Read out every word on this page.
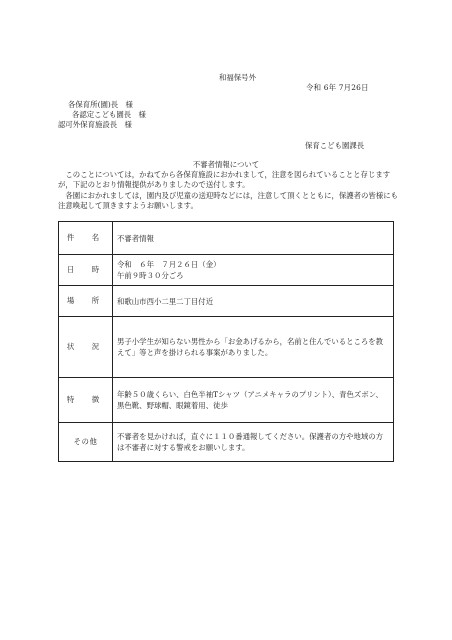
和福保号外
令和 6年 7月26日
各保育所(園)長　様
各認定こども園長　様
認可外保育施設長　様
保育こども園課長
不審者情報について
　このことについては，かねてから各保育施設におかれまして，注意を図られていることと存じますが，下記のとおり情報提供がありましたので送付します。
　各園におかれましては，園内及び児童の送迎時などには，注意して頂くとともに，保護者の皆様にも注意喚起して頂きますようお願いします。
件　名	不審者情報

日　時	令和　６年　７月２６日（金）
午前９時３０分ごろ

場　所	和歌山市西小二里二丁目付近

状　況	男子小学生が知らない男性から「お金あげるから，名前と住んでいるところを教えて」等と声を掛けられる事案がありました。

特　徴	年齢５０歳くらい、白色半袖Tシャツ（アニメキャラのプリント）、青色ズボン、黒色靴、野球帽、眼鏡着用、徒歩

その他	不審者を見かければ，直ぐに１１０番通報してください。保護者の方や地域の方は不審者に対する警戒をお願いします。
